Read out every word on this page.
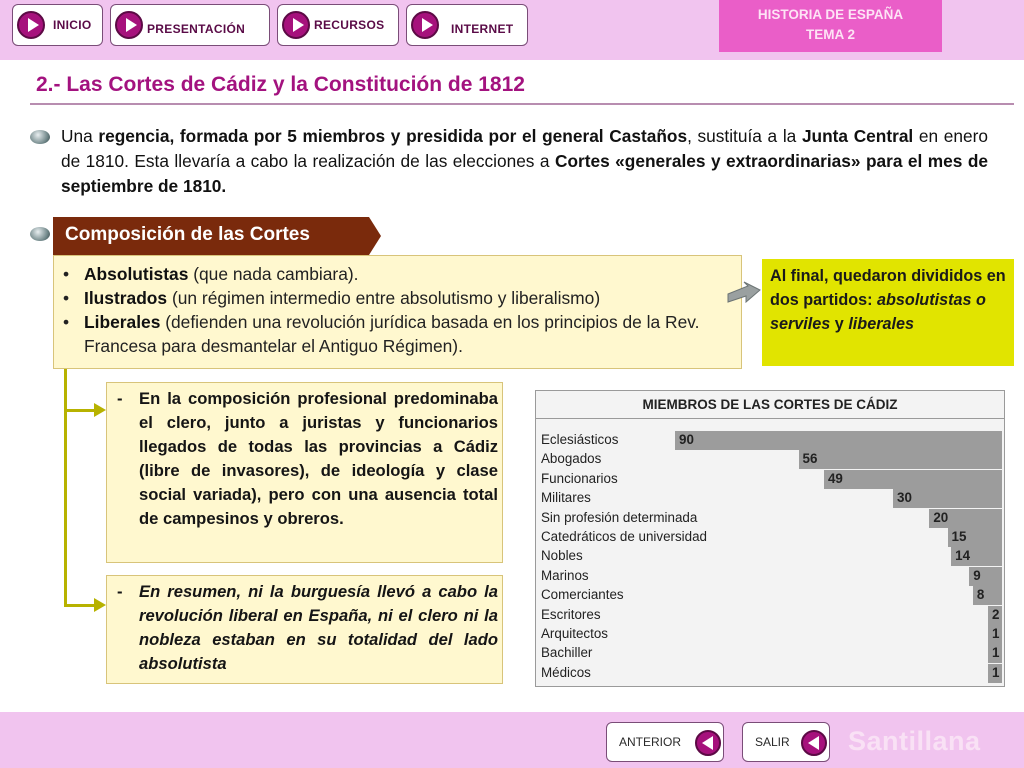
INICIO	PRESENTACIÓN	RECURSOS	INTERNET
HISTORIA DE ESPAÑA
TEMA 2
2.- Las Cortes de Cádiz y la Constitución de 1812
Una regencia, formada por 5 miembros y presidida por el general Castaños, sustituía a la Junta Central en enero de 1810. Esta llevaría a cabo la realización de las elecciones a Cortes «generales y extraordinarias» para el mes de septiembre de 1810.
Composición de las Cortes
• Absolutistas (que nada cambiara).
• Ilustrados (un régimen intermedio entre absolutismo y liberalismo)
• Liberales (defienden una revolución jurídica basada en los principios de la Rev. Francesa para desmantelar el Antiguo Régimen).
Al final, quedaron divididos en dos partidos: absolutistas o serviles y liberales
- En la composición profesional predominaba el clero, junto a juristas y funcionarios llegados de todas las provincias a Cádiz (libre de invasores), de ideología y clase social variada), pero con una ausencia total de campesinos y obreros.
- En resumen, ni la burguesía llevó a cabo la revolución liberal en España, ni el clero ni la nobleza estaban en su totalidad del lado absolutista
MIEMBROS DE LAS CORTES DE CÁDIZ
Eclesiásticos	90
Abogados	56
Funcionarios	49
Militares	30
Sin profesión determinada	20
Catedráticos de universidad	15
Nobles	14
Marinos	9
Comerciantes	8
Escritores	2
Arquitectos	1
Bachiller	1
Médicos	1
ANTERIOR	SALIR Santillana
